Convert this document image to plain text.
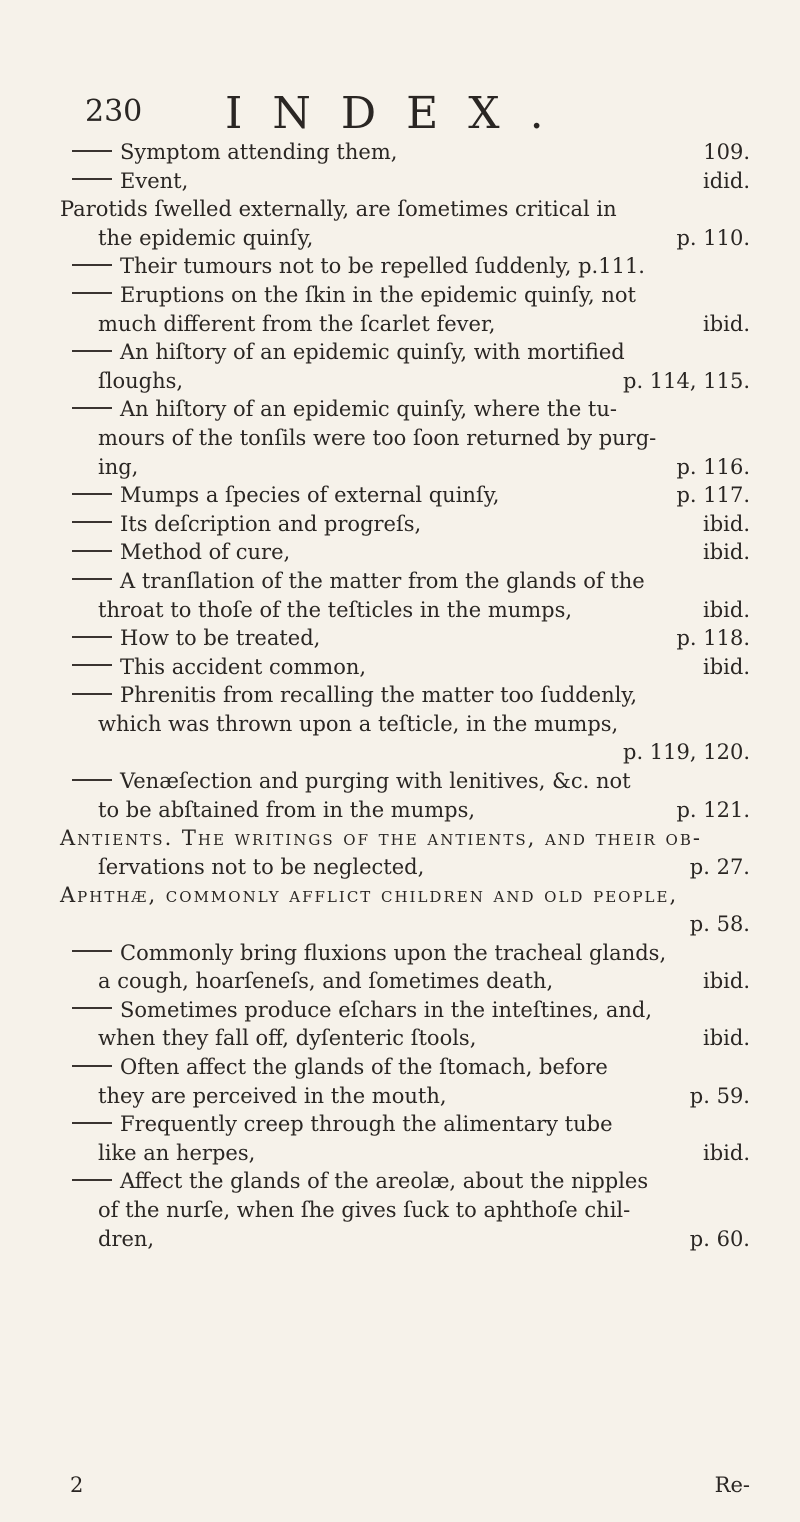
230 INDEX.
Symptom attending them,	109.
Event,	idid.
Parotids ſwelled externally, are ſometimes critical in
the epidemic quinſy,	p. 110.
Their tumours not to be repelled ſuddenly, p.111.
Eruptions on the ſkin in the epidemic quinſy, not
much different from the ſcarlet fever,	ibid.
An hiſtory of an epidemic quinſy, with mortified
ſloughs,	p. 114, 115.
An hiſtory of an epidemic quinſy, where the tu-
mours of the tonſils were too ſoon returned by purg-
ing,	p. 116.
Mumps a ſpecies of external quinſy,	p. 117.
Its deſcription and progreſs,	ibid.
Method of cure,	ibid.
A tranſlation of the matter from the glands of the
throat to thoſe of the teſticles in the mumps,	ibid.
How to be treated,	p. 118.
This accident common,	ibid.
Phrenitis from recalling the matter too ſuddenly,
which was thrown upon a teſticle, in the mumps,
p. 119, 120.
Venæſection and purging with lenitives, &c. not
to be abſtained from in the mumps,	p. 121.
Antients. The writings of the antients, and their ob-
ſervations not to be neglected,	p. 27.
Aphthæ, commonly afflict children and old people,
p. 58.
Commonly bring fluxions upon the tracheal glands,
a cough, hoarſeneſs, and ſometimes death,	ibid.
Sometimes produce eſchars in the inteſtines, and,
when they fall off, dyſenteric ſtools,	ibid.
Often affect the glands of the ſtomach, before
they are perceived in the mouth,	p. 59.
Frequently creep through the alimentary tube
like an herpes,	ibid.
Affect the glands of the areolæ, about the nipples
of the nurſe, when ſhe gives ſuck to aphthoſe chil-
dren,	p. 60.
2	Re-
